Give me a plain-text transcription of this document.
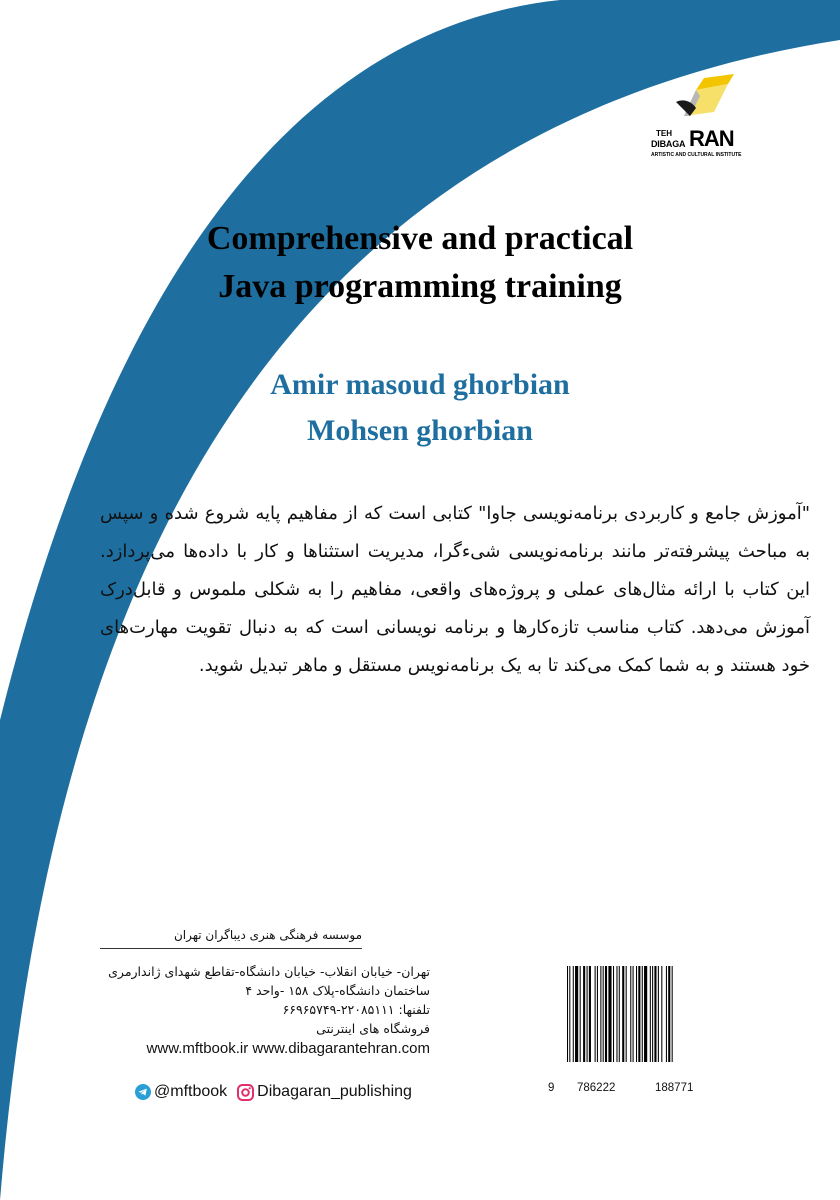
TEH
DIBAGA RAN
ARTISTIC AND CULTURAL INSTITUTE
Comprehensive and practical
Java programming training
Amir masoud ghorbian
Mohsen ghorbian

"آموزش جامع و کاربردی برنامه‌نویسی جاوا" کتابی است که از مفاهیم پایه شروع شده و سپس به مباحث پیشرفته‌تر مانند برنامه‌نویسی شیءگرا، مدیریت استثناها و کار با داده‌ها می‌پردازد. این کتاب با ارائه مثال‌های عملی و پروژه‌های واقعی، مفاهیم را به شکلی ملموس و قابل‌درک آموزش می‌دهد. کتاب مناسب تازه‌کارها و برنامه نویسانی است که به دنبال تقویت مهارت‌های خود هستند و به شما کمک می‌کند تا به یک برنامه‌نویس مستقل و ماهر تبدیل شوید.

موسسه فرهنگی هنری دیباگران تهران
تهران- خیابان انقلاب- خیابان دانشگاه-تقاطع شهدای ژاندارمری
ساختمان دانشگاه-پلاک ۱۵۸ -واحد ۴
تلفنها: ۲۲۰۸۵۱۱۱-۶۶۹۶۵۷۴۹
فروشگاه های اینترنتی
www.mftbook.ir www.dibagarantehran.com
@mftbook Dibagaran_publishing	9 786222	188771
